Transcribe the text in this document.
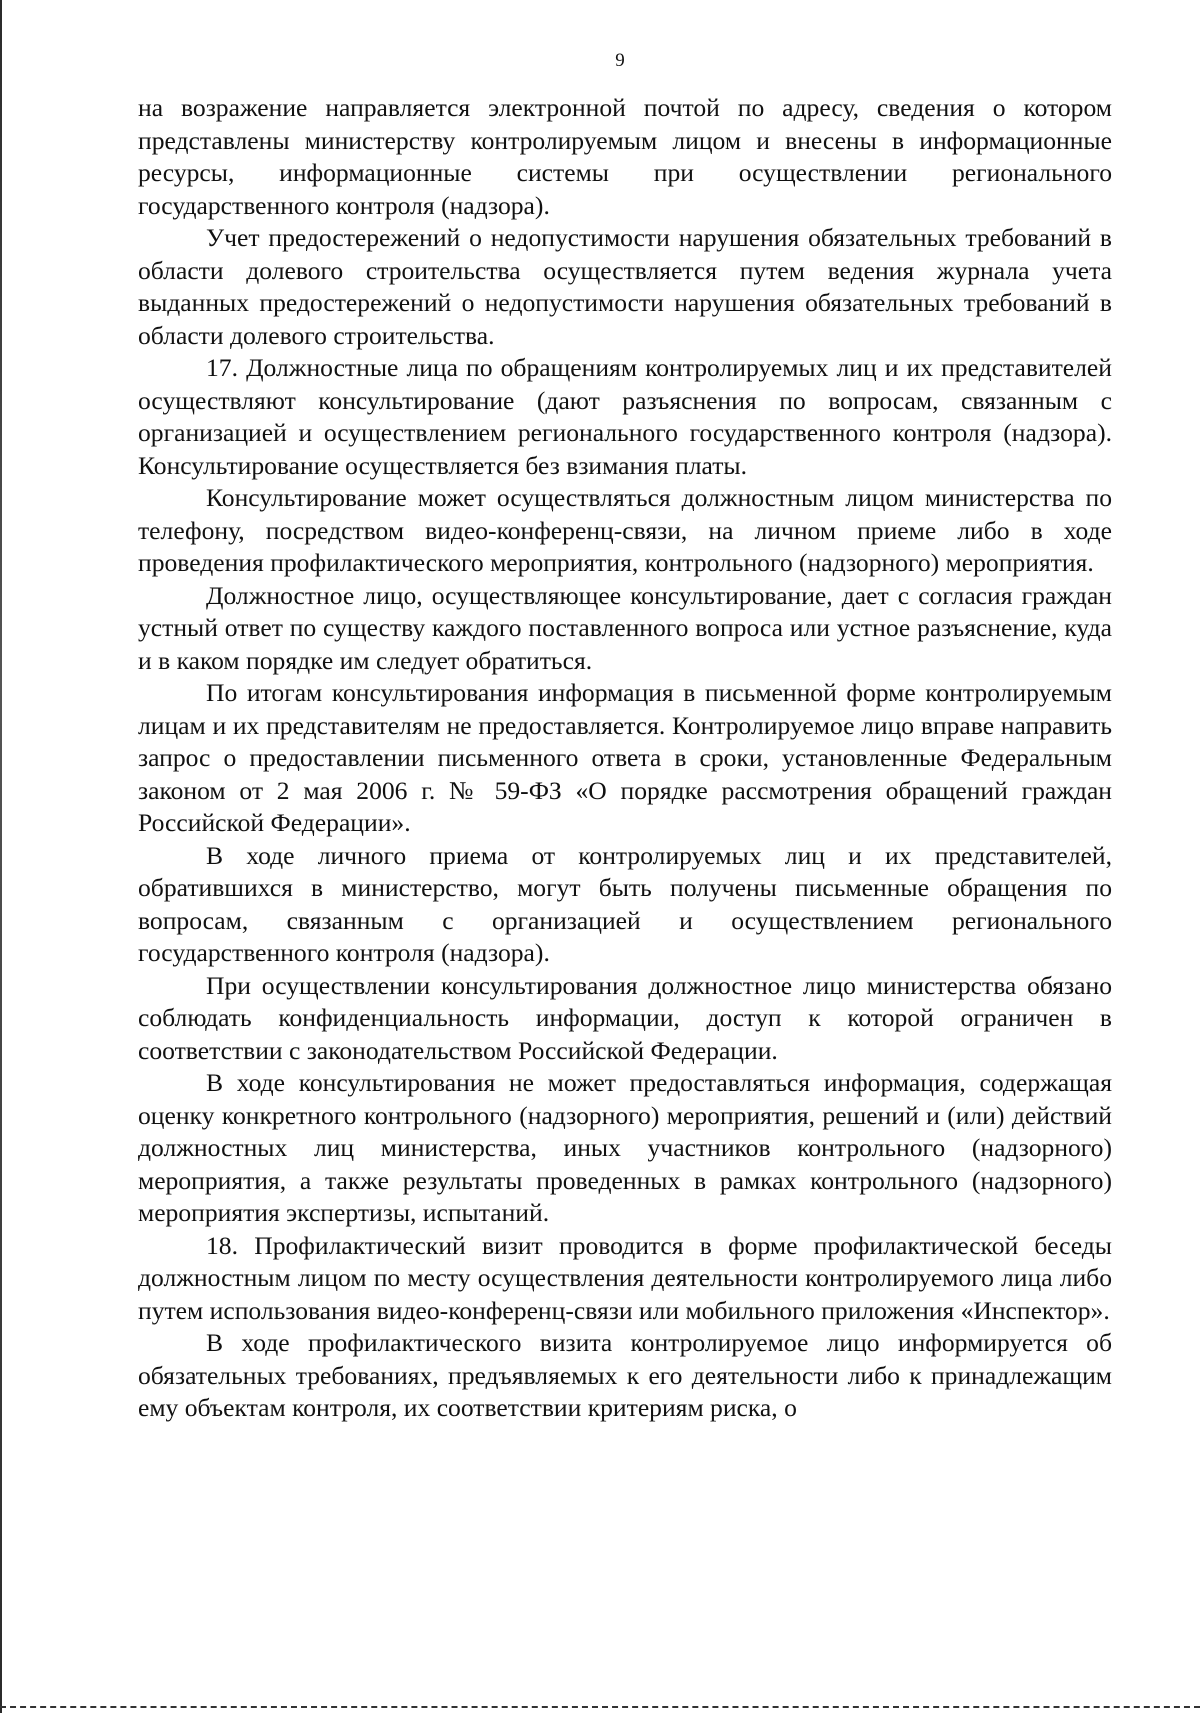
9

на возражение направляется электронной почтой по адресу, сведения о котором представлены министерству контролируемым лицом и внесены в информационные ресурсы, информационные системы при осуществлении регионального государственного контроля (надзора).

Учет предостережений о недопустимости нарушения обязательных требований в области долевого строительства осуществляется путем ведения журнала учета выданных предостережений о недопустимости нарушения обязательных требований в области долевого строительства.

17. Должностные лица по обращениям контролируемых лиц и их представителей осуществляют консультирование (дают разъяснения по вопросам, связанным с организацией и осуществлением регионального государственного контроля (надзора). Консультирование осуществляется без взимания платы.

Консультирование может осуществляться должностным лицом министерства по телефону, посредством видео-конференц-связи, на личном приеме либо в ходе проведения профилактического мероприятия, контрольного (надзорного) мероприятия.

Должностное лицо, осуществляющее консультирование, дает с согласия граждан устный ответ по существу каждого поставленного вопроса или устное разъяснение, куда и в каком порядке им следует обратиться.

По итогам консультирования информация в письменной форме контролируемым лицам и их представителям не предоставляется. Контролируемое лицо вправе направить запрос о предоставлении письменного ответа в сроки, установленные Федеральным законом от 2 мая 2006 г. № 59-ФЗ «О порядке рассмотрения обращений граждан Российской Федерации».

В ходе личного приема от контролируемых лиц и их представителей, обратившихся в министерство, могут быть получены письменные обращения по вопросам, связанным с организацией и осуществлением регионального государственного контроля (надзора).

При осуществлении консультирования должностное лицо министерства обязано соблюдать конфиденциальность информации, доступ к которой ограничен в соответствии с законодательством Российской Федерации.

В ходе консультирования не может предоставляться информация, содержащая оценку конкретного контрольного (надзорного) мероприятия, решений и (или) действий должностных лиц министерства, иных участников контрольного (надзорного) мероприятия, а также результаты проведенных в рамках контрольного (надзорного) мероприятия экспертизы, испытаний.

18. Профилактический визит проводится в форме профилактической беседы должностным лицом по месту осуществления деятельности контролируемого лица либо путем использования видео-конференц-связи или мобильного приложения «Инспектор».

В ходе профилактического визита контролируемое лицо информируется об обязательных требованиях, предъявляемых к его деятельности либо к принадлежащим ему объектам контроля, их соответствии критериям риска, о
